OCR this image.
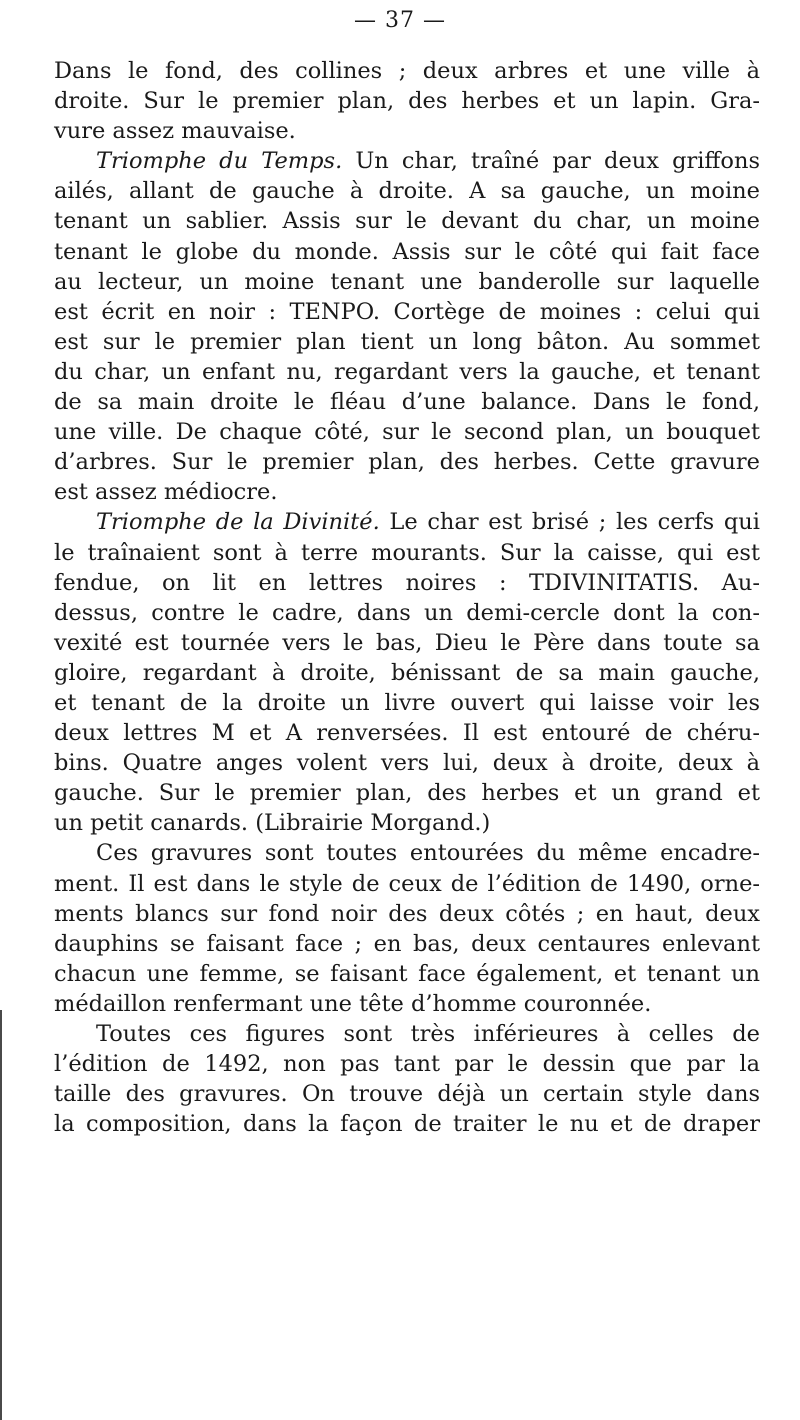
— 37 —
Dans le fond, des collines ; deux arbres et une ville à
droite. Sur le premier plan, des herbes et un lapin. Gra-
vure assez mauvaise.
Triomphe du Temps. Un char, traîné par deux griffons
ailés, allant de gauche à droite. A sa gauche, un moine
tenant un sablier. Assis sur le devant du char, un moine
tenant le globe du monde. Assis sur le côté qui fait face
au lecteur, un moine tenant une banderolle sur laquelle
est écrit en noir : TENPO. Cortège de moines : celui qui
est sur le premier plan tient un long bâton. Au sommet
du char, un enfant nu, regardant vers la gauche, et tenant
de sa main droite le fléau d’une balance. Dans le fond,
une ville. De chaque côté, sur le second plan, un bouquet
d’arbres. Sur le premier plan, des herbes. Cette gravure
est assez médiocre.
Triomphe de la Divinité. Le char est brisé ; les cerfs qui
le traînaient sont à terre mourants. Sur la caisse, qui est
fendue, on lit en lettres noires : TDIVINITATIS. Au-
dessus, contre le cadre, dans un demi-cercle dont la con-
vexité est tournée vers le bas, Dieu le Père dans toute sa
gloire, regardant à droite, bénissant de sa main gauche,
et tenant de la droite un livre ouvert qui laisse voir les
deux lettres M et A renversées. Il est entouré de chéru-
bins. Quatre anges volent vers lui, deux à droite, deux à
gauche. Sur le premier plan, des herbes et un grand et
un petit canards. (Librairie Morgand.)
Ces gravures sont toutes entourées du même encadre-
ment. Il est dans le style de ceux de l’édition de 1490, orne-
ments blancs sur fond noir des deux côtés ; en haut, deux
dauphins se faisant face ; en bas, deux centaures enlevant
chacun une femme, se faisant face également, et tenant un
médaillon renfermant une tête d’homme couronnée.
Toutes ces figures sont très inférieures à celles de
l’édition de 1492, non pas tant par le dessin que par la
taille des gravures. On trouve déjà un certain style dans
la composition, dans la façon de traiter le nu et de draper
